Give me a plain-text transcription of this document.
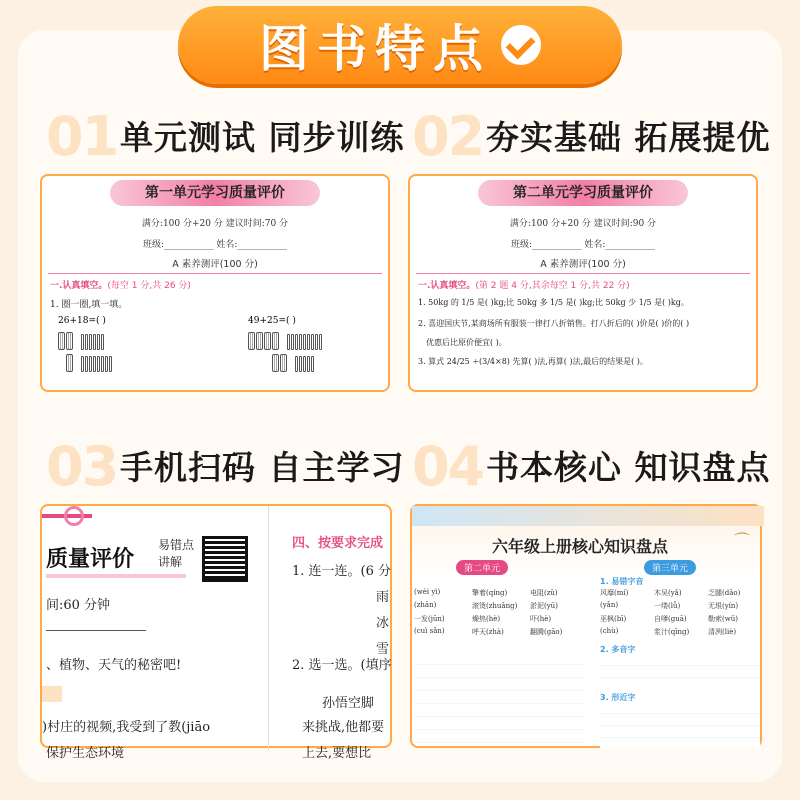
图书特点
01 单元测试 同步训练 02 夯实基础 拓展提优
03 手机扫码 自主学习 04 书本核心 知识盘点
第一单元学习质量评价
满分:100 分+20 分 建议时间:70 分
班级:___________ 姓名:___________
A 素养测评(100 分)
一.认真填空。(每空 1 分,共 26 分)
1. 圈一圈,填一填。
26+18=( )	49+25=( )
第二单元学习质量评价
满分:100 分+20 分 建议时间:90 分
班级:___________ 姓名:___________
A 素养测评(100 分)
一.认真填空。(第 2 题 4 分,其余每空 1 分,共 22 分)
1. 50kg 的 1/5 是( )kg;比 50kg 多 1/5 是( )kg;比 50kg 少 1/5 是( )kg。
2. 喜迎国庆节,某商场所有服装一律打八折销售。打八折后的( )价是( )价的( )
优惠后比原价便宜( )。
3. 算式 24/25 ÷(3/4×8) 先算( )法,再算( )法,最后的结果是( )。
质量评价
易错点讲解
间:60 分钟
、植物、天气的秘密吧!
)村庄的视频,我受到了教(jiāo
保护生态环境
四、按要求完成
1. 连一连。(6 分
雨
冰
雪
2. 选一选。(填序
孙悟空脚
来挑战,他都要
上去,要想比
六年级上册核心知识盘点	⌒
第二单元	第三单元
1. 易错字音
(wèi yì)	擎着(qíng)	电阻(zǔ)
(zhān)	滚烫(zhuǎng)	淤泥(yū)
一发(jūn)	燥热(hè)	吓(hè)
(cuì sǎn)	呼天(zhà)	翻腾(gāo)
风靡(mí)	木吴(yǎ)	乏腿(dǎo)
(yǎn)	一缕(lǚ)	无垠(yín)
巫枫(bī)	自嗲(guā)	勒索(wǔ)
(chù)	浆汁(qīng)	清冽(liè)
2. 多音字
3. 形近字
